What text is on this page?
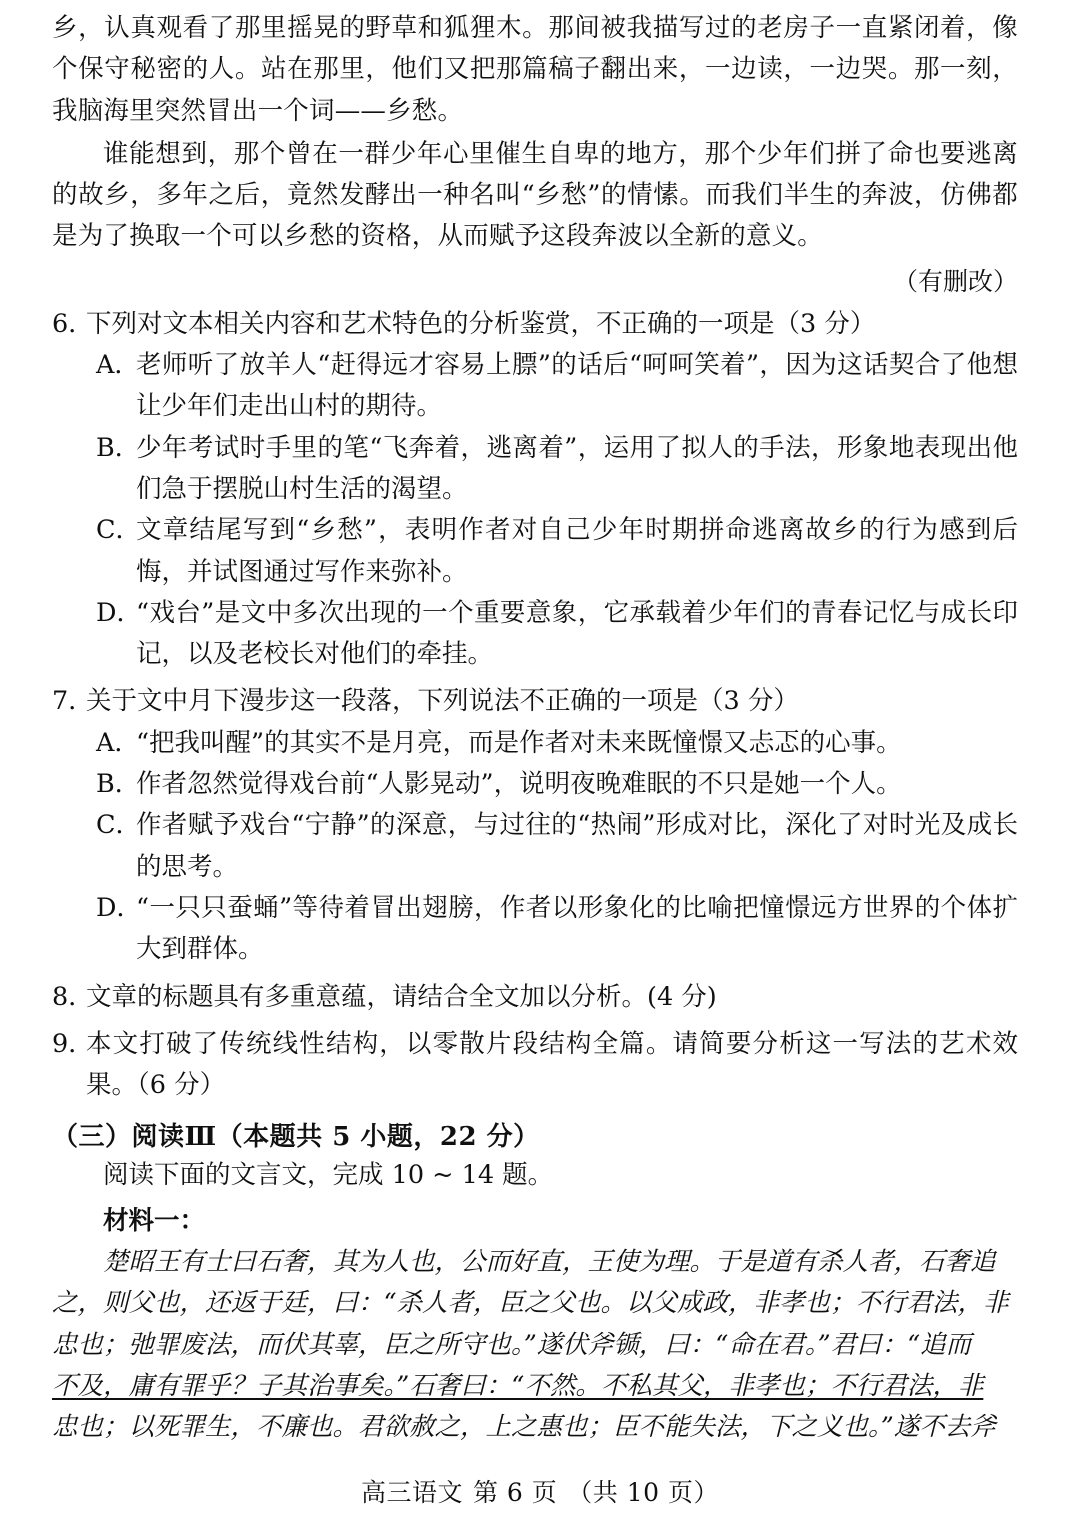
乡，认真观看了那里摇晃的野草和狐狸木。那间被我描写过的老房子一直紧闭着，像个保守秘密的人。站在那里，他们又把那篇稿子翻出来，一边读，一边哭。那一刻，我脑海里突然冒出一个词——乡愁。

谁能想到，那个曾在一群少年心里催生自卑的地方，那个少年们拼了命也要逃离的故乡，多年之后，竟然发酵出一种名叫“乡愁”的情愫。而我们半生的奔波，仿佛都是为了换取一个可以乡愁的资格，从而赋予这段奔波以全新的意义。

（有删改）

6．
下列对文本相关内容和艺术特色的分析鉴赏，不正确的一项是（3 分）
A．
老师听了放羊人“赶得远才容易上膘”的话后“呵呵笑着”，因为这话契合了他想让少年们走出山村的期待。
B．
少年考试时手里的笔“飞奔着，逃离着”，运用了拟人的手法，形象地表现出他们急于摆脱山村生活的渴望。
C．
文章结尾写到“乡愁”，表明作者对自己少年时期拼命逃离故乡的行为感到后悔，并试图通过写作来弥补。
D．
“戏台”是文中多次出现的一个重要意象，它承载着少年们的青春记忆与成长印记，以及老校长对他们的牵挂。
7．
关于文中月下漫步这一段落，下列说法不正确的一项是（3 分）
A．
“把我叫醒”的其实不是月亮，而是作者对未来既憧憬又忐忑的心事。
B．
作者忽然觉得戏台前“人影晃动”，说明夜晚难眠的不只是她一个人。
C．
作者赋予戏台“宁静”的深意，与过往的“热闹”形成对比，深化了对时光及成长的思考。
D．
“一只只蚕蛹”等待着冒出翅膀，作者以形象化的比喻把憧憬远方世界的个体扩大到群体。
8．
文章的标题具有多重意蕴，请结合全文加以分析。(4 分)
9．
本文打破了传统线性结构，以零散片段结构全篇。请简要分析这一写法的艺术效果。（6 分）

（三）阅读Ⅲ（本题共 5 小题，22 分）

阅读下面的文言文，完成 10 ~ 14 题。

材料一：

楚昭王有士曰石奢，其为人也，公而好直，王使为理。于是道有杀人者，石奢追

之，则父也，还返于廷，曰：“杀人者，臣之父也。以父成政，非孝也；不行君法，非

忠也；弛罪废法，而伏其辜，臣之所守也。”遂伏斧锧，曰：“命在君。”君曰：“追而

不及，庸有罪乎？子其治事矣。”石奢曰：“不然。不私其父，非孝也；不行君法，非

忠也；以死罪生，不廉也。君欲赦之，上之惠也；臣不能失法，下之义也。”遂不去斧

高三语文 第 6 页 （共 10 页）
